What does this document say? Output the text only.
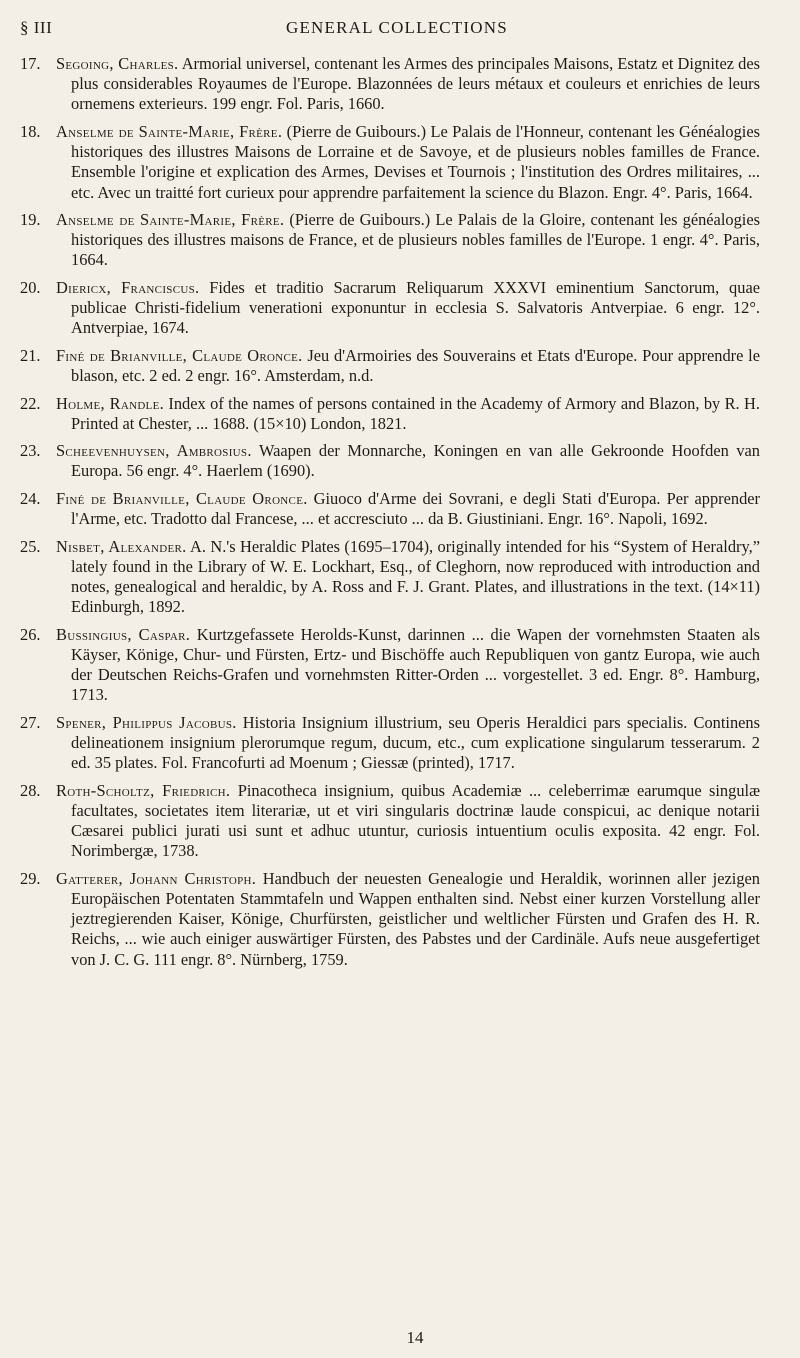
§ III	GENERAL COLLECTIONS
17. Segoing, Charles. Armorial universel, contenant les Armes des principales Maisons, Estatz et Dignitez des plus considerables Royaumes de l'Europe. Blazonnées de leurs métaux et couleurs et enrichies de leurs ornemens exterieurs. 199 engr. Fol. Paris, 1660.
18. Anselme de Sainte-Marie, Frère. (Pierre de Guibours.) Le Palais de l'Honneur, contenant les Généalogies historiques des illustres Maisons de Lorraine et de Savoye, et de plusieurs nobles familles de France. Ensemble l'origine et explication des Armes, Devises et Tournois ; l'institution des Ordres militaires, ... etc. Avec un traitté fort curieux pour apprendre parfaitement la science du Blazon. Engr. 4°. Paris, 1664.
19. Anselme de Sainte-Marie, Frère. (Pierre de Guibours.) Le Palais de la Gloire, contenant les généalogies historiques des illustres maisons de France, et de plusieurs nobles familles de l'Europe. 1 engr. 4°. Paris, 1664.
20. Diericx, Franciscus. Fides et traditio Sacrarum Reliquarum XXXVI eminentium Sanctorum, quae publicae Christi-fidelium venerationi exponuntur in ecclesia S. Salvatoris Antverpiae. 6 engr. 12°. Antverpiae, 1674.
21. Finé de Brianville, Claude Oronce. Jeu d'Armoiries des Souverains et Etats d'Europe. Pour apprendre le blason, etc. 2 ed. 2 engr. 16°. Amsterdam, n.d.
22. Holme, Randle. Index of the names of persons contained in the Academy of Armory and Blazon, by R. H. Printed at Chester, ... 1688. (15×10) London, 1821.
23. Schеevenhuysen, Ambrosius. Waapen der Monnarche, Koningen en van alle Gekroonde Hoofden van Europa. 56 engr. 4°. Haerlem (1690).
24. Finé de Brianville, Claude Oronce. Giuoco d'Arme dei Sovrani, e degli Stati d'Europa. Per apprender l'Arme, etc. Tradotto dal Francese, ... et accresciuto ... da B. Giustiniani. Engr. 16°. Napoli, 1692.
25. Nisbet, Alexander. A. N.'s Heraldic Plates (1695–1704), originally intended for his “System of Heraldry,” lately found in the Library of W. E. Lockhart, Esq., of Cleghorn, now reproduced with introduction and notes, genealogical and heraldic, by A. Ross and F. J. Grant. Plates, and illustrations in the text. (14×11) Edinburgh, 1892.
26. Bussingius, Caspar. Kurtzgefassete Herolds-Kunst, darinnen ... die Wapen der vornehmsten Staaten als Käyser, Könige, Chur- und Fürsten, Ertz- und Bischöffe auch Republiquen von gantz Europa, wie auch der Deutschen Reichs-Grafen und vornehmsten Ritter-Orden ... vorgestellet. 3 ed. Engr. 8°. Hamburg, 1713.
27. Spener, Philippus Jacobus. Historia Insignium illustrium, seu Operis Heraldici pars specialis. Continens delineationem insignium plerorumque regum, ducum, etc., cum explicatione singularum tesserarum. 2 ed. 35 plates. Fol. Francofurti ad Moenum ; Giessæ (printed), 1717.
28. Roth-Scholtz, Friedrich. Pinacotheca insignium, quibus Academiæ ... celeberrimæ earumque singulæ facultates, societates item literariæ, ut et viri singularis doctrinæ laude conspicui, ac denique notarii Cæsarei publici jurati usi sunt et adhuc utuntur, curiosis intuentium oculis exposita. 42 engr. Fol. Norimbergæ, 1738.
29. Gatterer, Johann Christoph. Handbuch der neuesten Genealogie und Heraldik, worinnen aller jezigen Europäischen Potentaten Stammtafeln und Wappen enthalten sind. Nebst einer kurzen Vorstellung aller jeztregierenden Kaiser, Könige, Churfürsten, geistlicher und weltlicher Fürsten und Grafen des H. R. Reichs, ... wie auch einiger auswärtiger Fürsten, des Pabstes und der Cardinäle. Aufs neue ausgefertiget von J. C. G. 111 engr. 8°. Nürnberg, 1759.
14
